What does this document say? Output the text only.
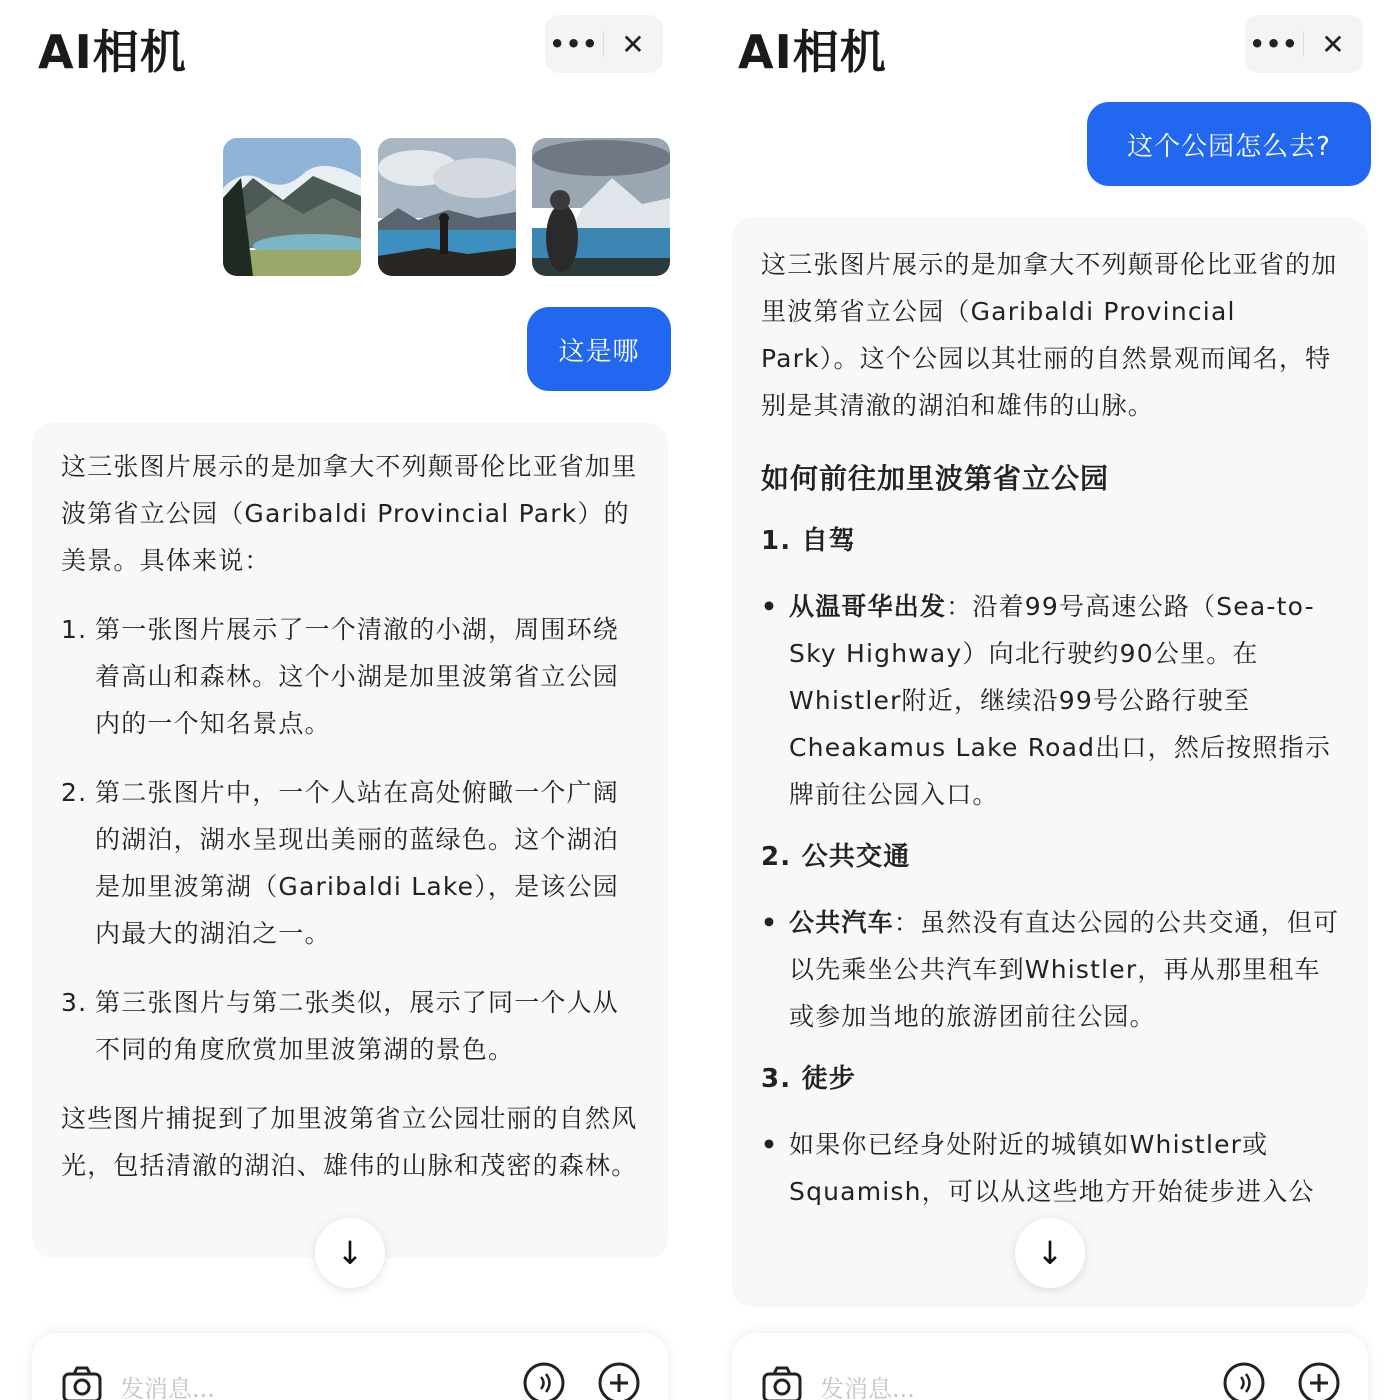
AI相机	••• ✕
这是哪

这三张图片展示的是加拿大不列颠哥伦比亚省加里波第省立公园（Garibaldi Provincial Park）的美景。具体来说：

1. 第一张图片展示了一个清澈的小湖，周围环绕着高山和森林。这个小湖是加里波第省立公园内的一个知名景点。
2. 第二张图片中，一个人站在高处俯瞰一个广阔的湖泊，湖水呈现出美丽的蓝绿色。这个湖泊是加里波第湖（Garibaldi Lake），是该公园内最大的湖泊之一。
3. 第三张图片与第二张类似，展示了同一个人从不同的角度欣赏加里波第湖的景色。

这些图片捕捉到了加里波第省立公园壮丽的自然风光，包括清澈的湖泊、雄伟的山脉和茂密的森林。

↓
发消息...
AI相机	••• ✕
这个公园怎么去?

这三张图片展示的是加拿大不列颠哥伦比亚省的加里波第省立公园（Garibaldi Provincial Park）。这个公园以其壮丽的自然景观而闻名，特别是其清澈的湖泊和雄伟的山脉。

如何前往加里波第省立公园
1. 自驾
• 从温哥华出发：沿着99号高速公路（Sea-to-Sky Highway）向北行驶约90公里。在Whistler附近，继续沿99号公路行驶至Cheakamus Lake Road出口，然后按照指示牌前往公园入口。
2. 公共交通
• 公共汽车：虽然没有直达公园的公共交通，但可以先乘坐公共汽车到Whistler，再从那里租车或参加当地的旅游团前往公园。
3. 徒步
• 如果你已经身处附近的城镇如Whistler或Squamish，可以从这些地方开始徒步进入公
↓
发消息...
